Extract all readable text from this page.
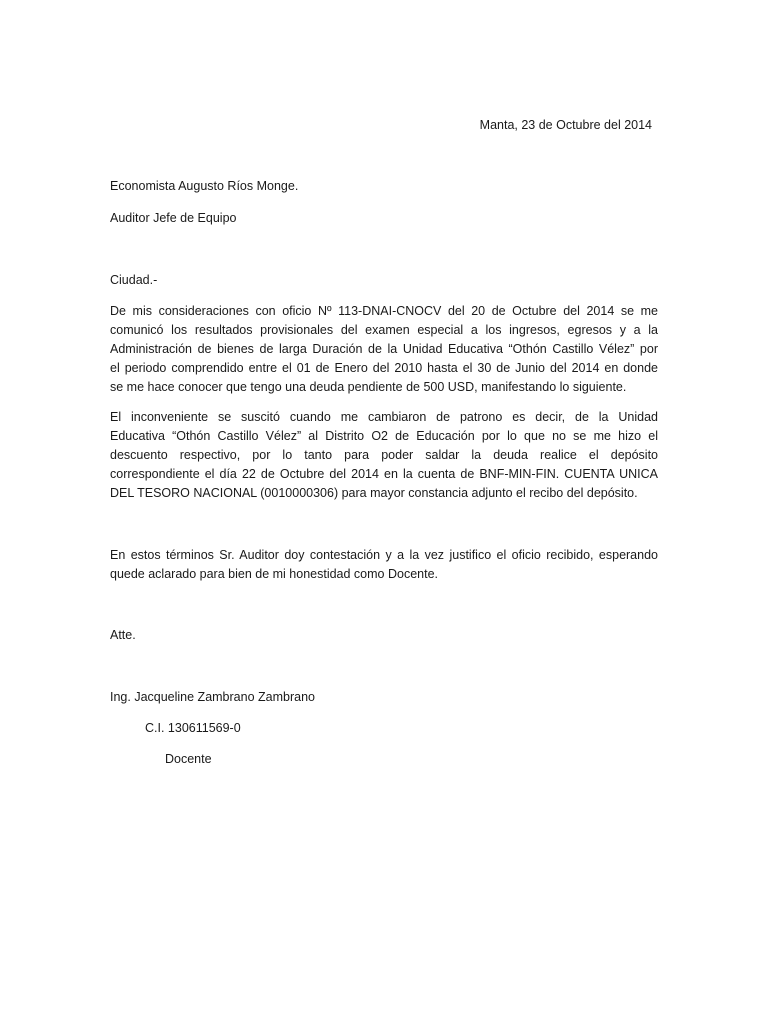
Manta, 23 de Octubre del 2014
Economista Augusto Ríos Monge.
Auditor Jefe de Equipo
Ciudad.-
De mis consideraciones con oficio Nº 113-DNAI-CNOCV del 20 de Octubre del 2014 se me
comunicó los resultados provisionales del examen especial a los ingresos, egresos y a la
Administración de bienes de larga Duración de la Unidad Educativa “Othón Castillo Vélez” por
el periodo comprendido entre el 01 de Enero del 2010 hasta el 30 de Junio del 2014 en donde
se me hace conocer que tengo una deuda pendiente de 500 USD, manifestando lo siguiente.
El inconveniente se suscitó cuando me cambiaron de patrono es decir, de la Unidad
Educativa “Othón Castillo Vélez” al Distrito O2 de Educación por lo que no se me hizo el
descuento respectivo, por lo tanto para poder saldar la deuda realice el depósito
correspondiente el día 22 de Octubre del 2014 en la cuenta de BNF-MIN-FIN. CUENTA UNICA
DEL TESORO NACIONAL (0010000306) para mayor constancia adjunto el recibo del depósito.
En estos términos Sr. Auditor doy contestación y a la vez justifico el oficio recibido, esperando
quede aclarado para bien de mi honestidad como Docente.
Atte.
Ing. Jacqueline Zambrano Zambrano
C.I. 130611569-0
Docente
